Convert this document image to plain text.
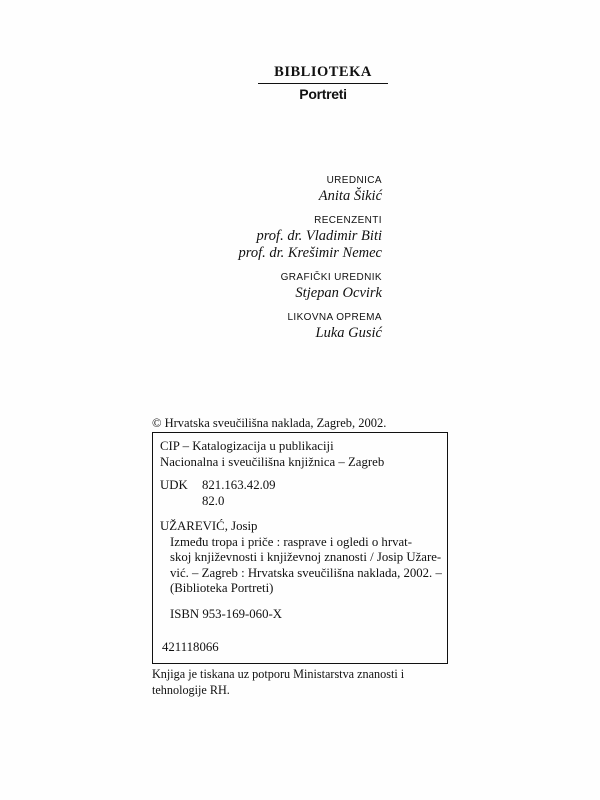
BIBLIOTEKA
Portreti
UREDNICA
Anita Šikić
RECENZENTI
prof. dr. Vladimir Biti
prof. dr. Krešimir Nemec
GRAFIČKI UREDNIK
Stjepan Ocvirk
LIKOVNA OPREMA
Luka Gusić
© Hrvatska sveučilišna naklada, Zagreb, 2002.
CIP – Katalogizacija u publikaciji
Nacionalna i sveučilišna knjižnica – Zagreb
UDK	821.163.42.09
82.0
UŽAREVIĆ, Josip
Između tropa i priče : rasprave i ogledi o hrvat-
skoj književnosti i književnoj znanosti / Josip Užare-
vić. – Zagreb : Hrvatska sveučilišna naklada, 2002. –
(Biblioteka Portreti)
ISBN 953-169-060-X
421118066
Knjiga je tiskana uz potporu Ministarstva znanosti i
tehnologije RH.
